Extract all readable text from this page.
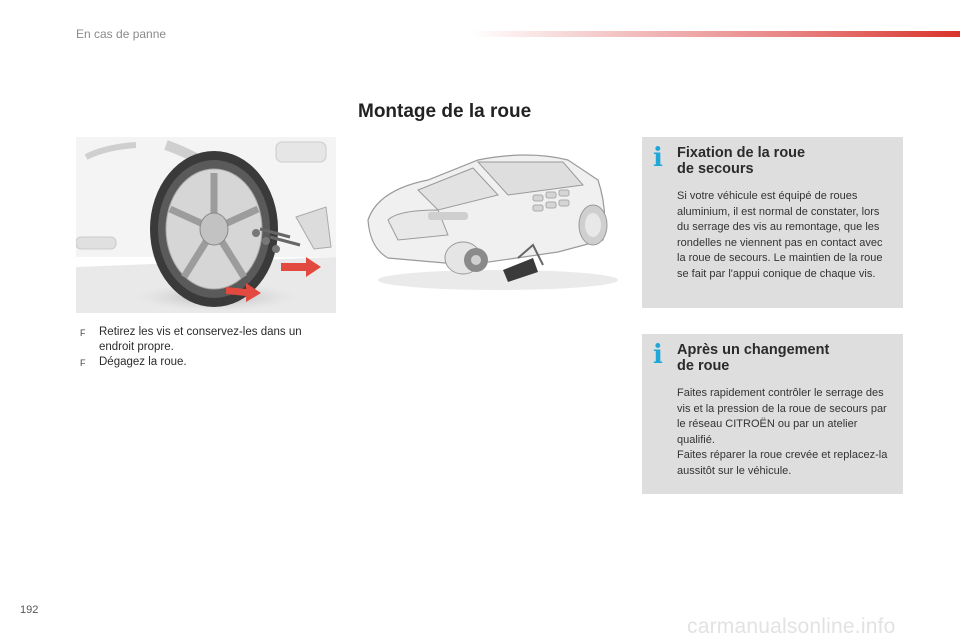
En cas de panne
Montage de la roue
F Retirez les vis et conservez-les dans un endroit propre.
F Dégagez la roue.
i Fixation de la roue
de secours

Si votre véhicule est équipé de roues aluminium, il est normal de constater, lors du serrage des vis au remontage, que les rondelles ne viennent pas en contact avec la roue de secours. Le maintien de la roue se fait par l'appui conique de chaque vis.

i Après un changement
de roue

Faites rapidement contrôler le serrage des vis et la pression de la roue de secours par le réseau CITROËN ou par un atelier qualifié.

Faites réparer la roue crevée et replacez-la aussitôt sur le véhicule.

192
carmanualsonline.info
